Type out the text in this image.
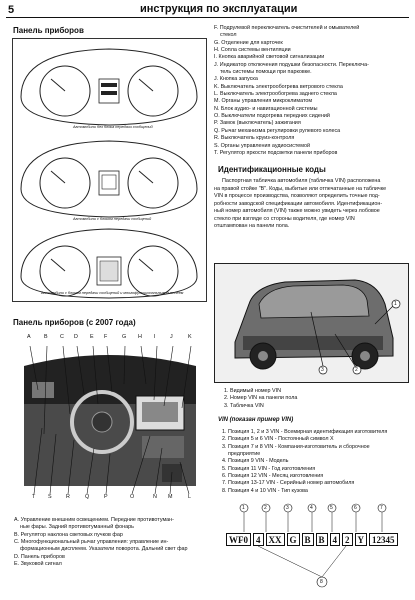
5	инструкция по эксплуатации
Панель приборов
Автомобили без блока передачи сообщений
Автомобили с блоком передачи сообщений
Автомобили с блоком передачи сообщений и многофункциональным дисплеем
Панель приборов (с 2007 года)
A B C D E F	G H I	J	K
T S	R	Q	P	O	N M	L
A. Управление внешним освещением. Передние противотуман-
ные фары. Задний противотуманный фонарь
B. Регулятор наклона световых пучков фар
C. Многофункциональный рычаг управления: управление ин-
формационным дисплеем. Указатели поворота. Дальний свет фар
D. Панель приборов
E. Звуковой сигнал
F. Подрулевой переключатель очистителей и омывателей
стекол
G. Отделение для карточек
H. Сопла системы вентиляции
I. Кнопка аварийной световой сигнализации
J. Индикатор отключения подушки безопасности. Переключа-
тель системы помощи при парковке.
J. Кнопка запуска
K. Выключатель электрообогрева ветрового стекла
L. Выключатель электрообогрева заднего стекла
M. Органы управления микроклиматом
N. Блок аудио- и навигационной системы
O. Выключатели подогрева передних сидений
P. Замок (выключатель) зажигания
Q. Рычаг механизма регулировки рулевого колеса
R. Выключатель круиз-контроля
S. Органы управления аудиосистемой
T. Регулятор яркости подсветки панели приборов
Идентификационные коды
Паспортная табличка автомобиля (табличка VIN) расположена
на правой стойке "B". Коды, выбитые или отпечатанные на табличке
VIN в процессе производства, позволяют определить точные под-
робности заводской спецификации автомобиля. Идентификацион-
ный номер автомобиля (VIN) также можно увидеть через лобовое
стекло при взгляде со стороны водителя, где номер VIN
отштампован на панели пола.
1
2
3
1. Видимый номер VIN
2. Номер VIN на панели пола
3. Табличка VIN
VIN (показан пример VIN)
1. Позиция 1, 2 и 3 VIN - Всемирная идентификация изготовителя
2. Позиция 5 и 6 VIN - Постоянный символ X
3. Позиция 7 и 8 VIN - Компания-изготовитель и сборочное
предприятие
4. Позиция 9 VIN - Модель
5. Позиция 11 VIN - Год изготовления
6. Позиция 12 VIN - Месяц изготовления
7. Позиция 13-17 VIN - Серийный номер автомобиля
8. Позиция 4 и 10 VIN - Тип кузова
1	2	3	4	5	6	7
WF0 4 XX G B B 4 2 Y 12345
8
